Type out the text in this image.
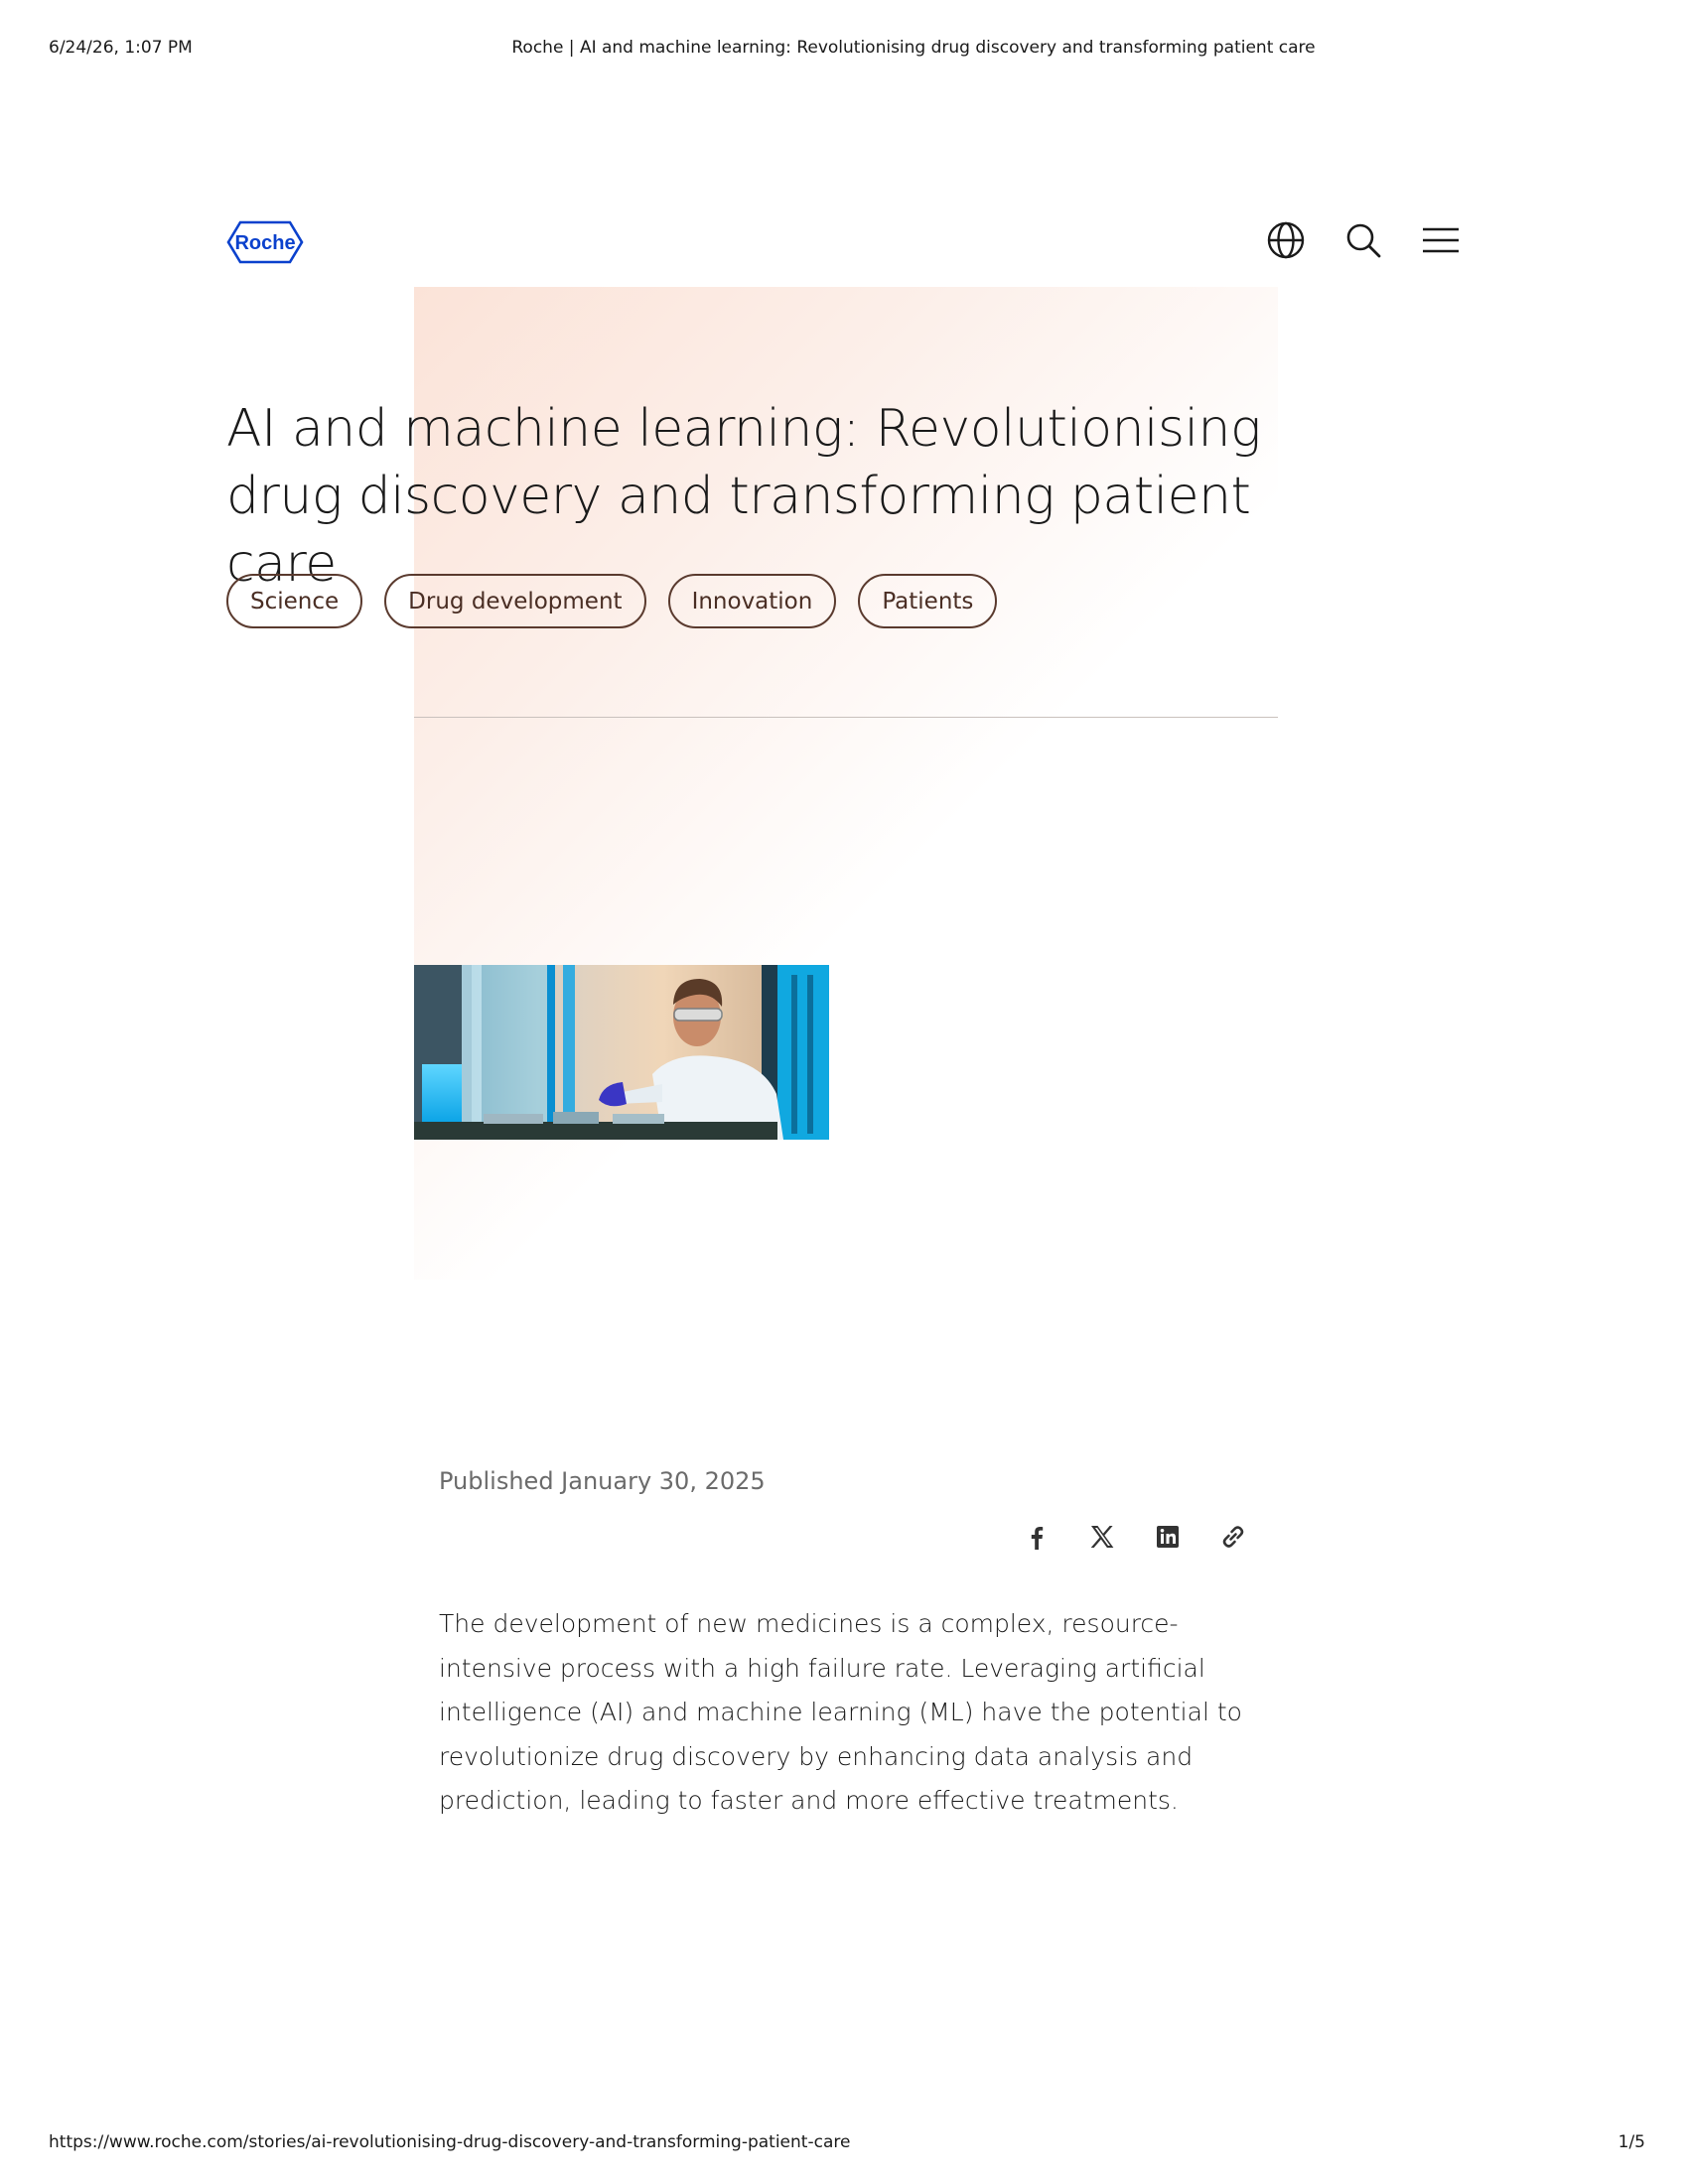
6/24/26, 1:07 PM	Roche | AI and machine learning: Revolutionising drug discovery and transforming patient care
Roche
AI and machine learning: Revolutionising drug discovery and transforming patient care
Science	Drug development	Innovation	Patients
Published January 30, 2025

The development of new medicines is a complex, resource-intensive process with a high failure rate. Leveraging artificial intelligence (AI) and machine learning (ML) have the potential to revolutionize drug discovery by enhancing data analysis and prediction, leading to faster and more effective treatments.

https://www.roche.com/stories/ai-revolutionising-drug-discovery-and-transforming-patient-care	1/5
